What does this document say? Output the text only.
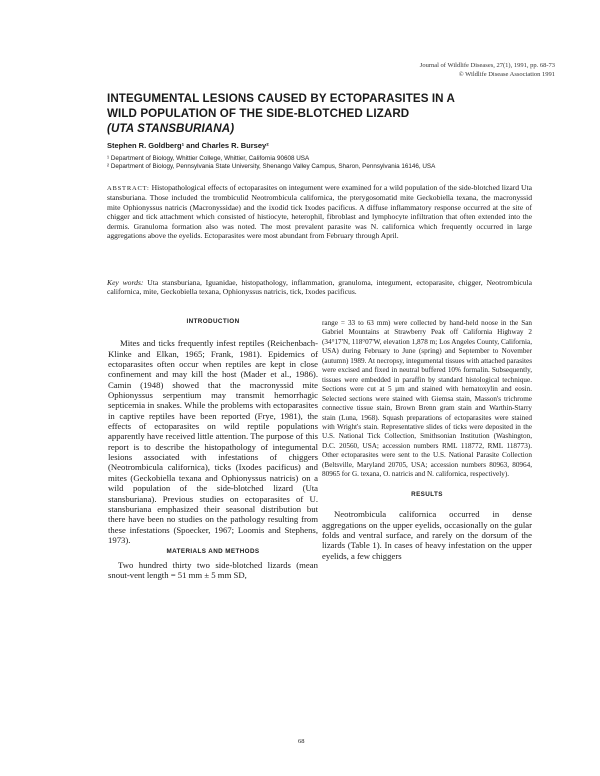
Journal of Wildlife Diseases, 27(1), 1991, pp. 68-73
© Wildlife Disease Association 1991
INTEGUMENTAL LESIONS CAUSED BY ECTOPARASITES IN A
WILD POPULATION OF THE SIDE-BLOTCHED LIZARD
(UTA STANSBURIANA)
Stephen R. Goldberg¹ and Charles R. Bursey²
¹ Department of Biology, Whittier College, Whittier, California 90608 USA
² Department of Biology, Pennsylvania State University, Shenango Valley Campus, Sharon, Pennsylvania 16146, USA
ABSTRACT: Histopathological effects of ectoparasites on integument were examined for a wild population of the side-blotched lizard Uta stansburiana. Those included the trombiculid Neotrombicula californica, the pterygosomatid mite Geckobiella texana, the macronyssid mite Ophionyssus natricis (Macronyssidae) and the ixodid tick Ixodes pacificus. A diffuse inflammatory response occurred at the site of chigger and tick attachment which consisted of histiocyte, heterophil, fibroblast and lymphocyte infiltration that often extended into the dermis. Granuloma formation also was noted. The most prevalent parasite was N. californica which frequently occurred in large aggregations above the eyelids. Ectoparasites were most abundant from February through April.
Key words: Uta stansburiana, Iguanidae, histopathology, inflammation, granuloma, integument, ectoparasite, chigger, Neotrombicula californica, mite, Geckobiella texana, Ophionyssus natricis, tick, Ixodes pacificus.
INTRODUCTION

Mites and ticks frequently infest reptiles (Reichenbach-Klinke and Elkan, 1965; Frank, 1981). Epidemics of ectoparasites often occur when reptiles are kept in close confinement and may kill the host (Mader et al., 1986). Camin (1948) showed that the macronyssid mite Ophionyssus serpentium may transmit hemorrhagic septicemia in snakes. While the problems with ectoparasites in captive reptiles have been reported (Frye, 1981), the effects of ectoparasites on wild reptile populations apparently have received little attention. The purpose of this report is to describe the histopathology of integumental lesions associated with infestations of chiggers (Neotrombicula californica), ticks (Ixodes pacificus) and mites (Geckobiella texana and Ophionyssus natricis) on a wild population of the side-blotched lizard (Uta stansburiana). Previous studies on ectoparasites of U. stansburiana emphasized their seasonal distribution but there have been no studies on the pathology resulting from these infestations (Spoecker, 1967; Loomis and Stephens, 1973).

MATERIALS AND METHODS

Two hundred thirty two side-blotched lizards (mean snout-vent length = 51 mm ± 5 mm SD,

range = 33 to 63 mm) were collected by hand-held noose in the San Gabriel Mountains at Strawberry Peak off California Highway 2 (34°17'N, 118°07'W, elevation 1,878 m; Los Angeles County, California, USA) during February to June (spring) and September to November (autumn) 1989. At necropsy, integumental tissues with attached parasites were excised and fixed in neutral buffered 10% formalin. Subsequently, tissues were embedded in paraffin by standard histological technique. Sections were cut at 5 µm and stained with hematoxylin and eosin. Selected sections were stained with Giemsa stain, Masson's trichrome connective tissue stain, Brown Brenn gram stain and Warthin-Starry stain (Luna, 1968). Squash preparations of ectoparasites were stained with Wright's stain. Representative slides of ticks were deposited in the U.S. National Tick Collection, Smithsonian Institution (Washington, D.C. 20560, USA; accession numbers RML 118772, RML 118773). Other ectoparasites were sent to the U.S. National Parasite Collection (Beltsville, Maryland 20705, USA; accession numbers 80963, 80964, 80965 for G. texana, O. natricis and N. californica, respectively).

RESULTS

Neotrombicula californica occurred in dense aggregations on the upper eyelids, occasionally on the gular folds and ventral surface, and rarely on the dorsum of the lizards (Table 1). In cases of heavy infestation on the upper eyelids, a few chiggers

68
